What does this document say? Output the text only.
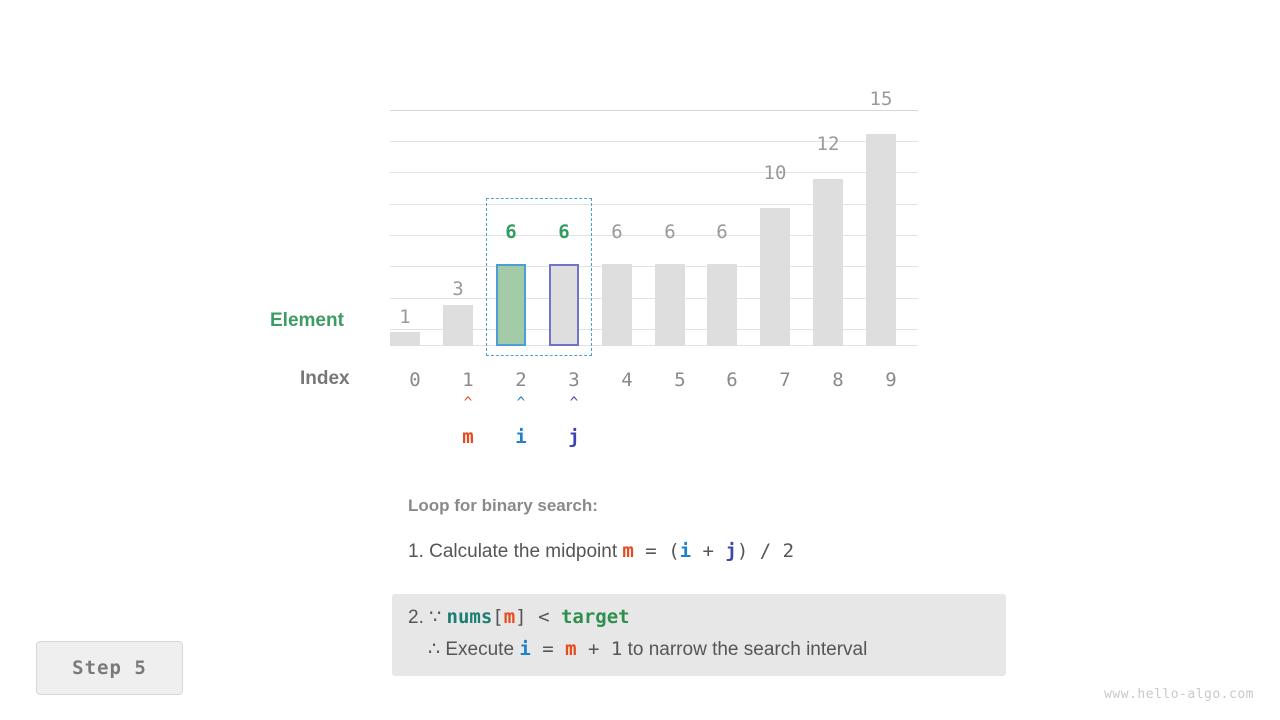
1
3
6	6	6	6	6
10
12
15
Element
Index	0	1	2	3	4	5	6	7	8	9
^	^	^
m	i	j
Loop for binary search:
1. Calculate the midpoint m = (i + j) / 2
2. ∵ nums[m] < target
∴ Execute i = m + 1 to narrow the search interval
Step 5
www.hello-algo.com
